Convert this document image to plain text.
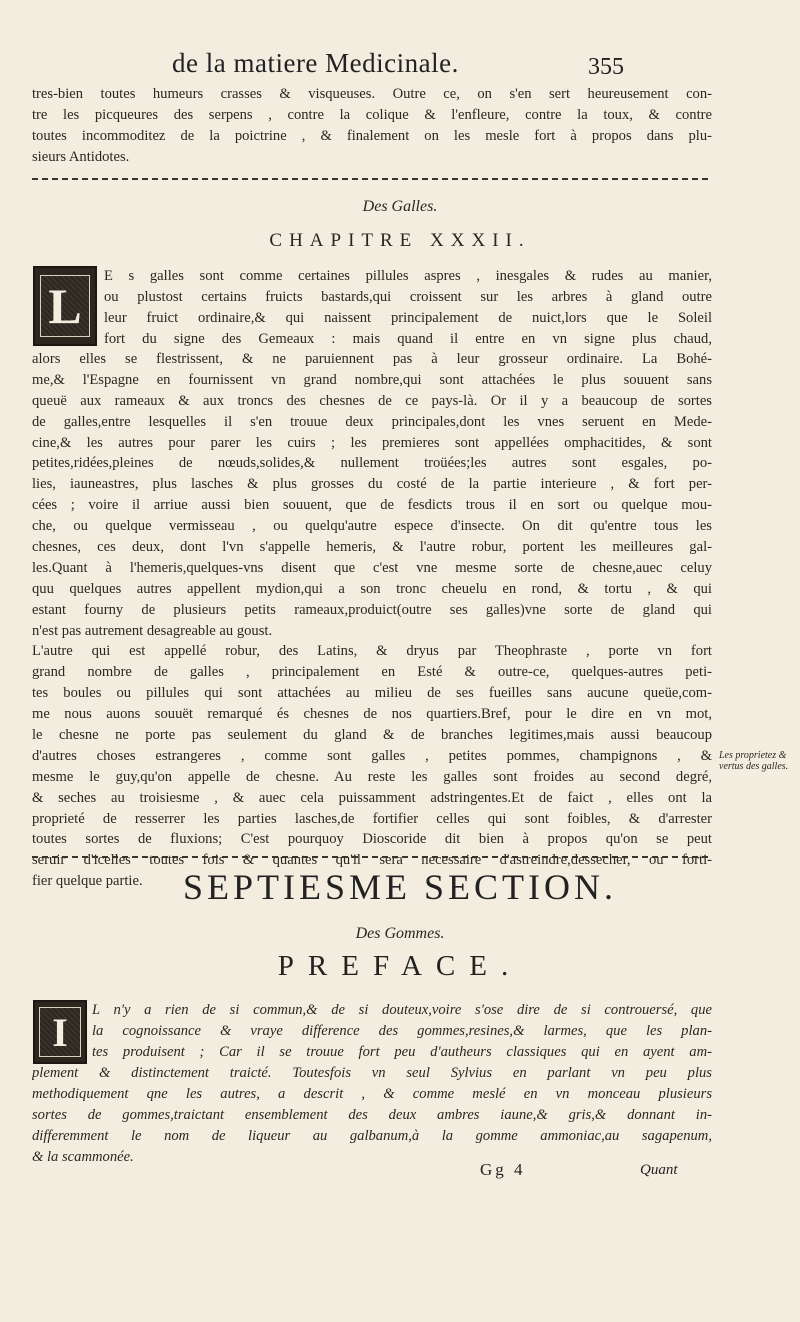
de la matiere Medicinale.	355
tres-bien toutes humeurs crasses & visqueuses. Outre ce, on s'en sert heureusement con-
tre les picqueures des serpens , contre la colique & l'enfleure, contre la toux, & contre
toutes incommoditez de la poictrine , & finalement on les mesle fort à propos dans plu-
sieurs Antidotes.
Des Galles.
CHAPITRE XXXII.
L
E s galles sont comme certaines pillules aspres , inesgales & rudes au manier,
ou plustost certains fruicts bastards,qui croissent sur les arbres à gland outre
leur fruict ordinaire,& qui naissent principalement de nuict,lors que le Soleil
fort du signe des Gemeaux : mais quand il entre en vn signe plus chaud,
alors elles se flestrissent, & ne paruiennent pas à leur grosseur ordinaire. La Bohé-
me,& l'Espagne en fournissent vn grand nombre,qui sont attachées le plus souuent sans
queuë aux rameaux & aux troncs des chesnes de ce pays-là. Or il y a beaucoup de sortes
de galles,entre lesquelles il s'en trouue deux principales,dont les vnes seruent en Mede-
cine,& les autres pour parer les cuirs ; les premieres sont appellées omphacitides, & sont
petites,ridées,pleines de nœuds,solides,& nullement troüées;les autres sont esgales, po-
lies, iauneastres, plus lasches & plus grosses du costé de la partie interieure , & fort per-
cées ; voire il arriue aussi bien souuent, que de fesdicts trous il en sort ou quelque mou-
che, ou quelque vermisseau , ou quelqu'autre espece d'insecte. On dit qu'entre tous les
chesnes, ces deux, dont l'vn s'appelle hemeris, & l'autre robur, portent les meilleures gal-
les.Quant à l'hemeris,quelques-vns disent que c'est vne mesme sorte de chesne,auec celuy
quu quelques autres appellent mydion,qui a son tronc cheuelu en rond, & tortu , & qui
estant fourny de plusieurs petits rameaux,produict(outre ses galles)vne sorte de gland qui
n'est pas autrement desagreable au goust.
L'autre qui est appellé robur, des Latins, & dryus par Theophraste , porte vn fort
grand nombre de galles , principalement en Esté & outre-ce, quelques-autres peti-
tes boules ou pillules qui sont attachées au milieu de ses fueilles sans aucune queüe,com-
me nous auons souuët remarqué és chesnes de nos quartiers.Bref, pour le dire en vn mot,
le chesne ne porte pas seulement du gland & de branches legitimes,mais aussi beaucoup
d'autres choses estrangeres , comme sont galles , petites pommes, champignons , &
mesme le guy,qu'on appelle de chesne. Au reste les galles sont froides au second degré,
& seches au troisiesme , & auec cela puissamment adstringentes.Et de faict , elles ont la
proprieté de resserrer les parties lasches,de fortifier celles qui sont foibles, & d'arrester
toutes sortes de fluxions; C'est pourquoy Dioscoride dit bien à propos qu'on se peut
seruir d'icelles toutes fois & quantes qu'il sera necessaire d'astreindre,dessecher, ou forti-
fier quelque partie.
Les proprietez & vertus des galles.
SEPTIESME SECTION.
Des Gommes.
PREFACE.
I L n'y a rien de si commun,& de si douteux,voire s'ose dire de si controuersé, que
la cognoissance & vraye difference des gommes,resines,& larmes, que les plan-
tes produisent ; Car il se trouue fort peu d'autheurs classiques qui en ayent am-
plement & distinctement traicté. Toutesfois vn seul Sylvius en parlant vn peu plus
methodiquement qne les autres, a descrit , & comme meslé en vn monceau plusieurs
sortes de gommes,traictant ensemblement des deux ambres iaune,& gris,& donnant in-
differemment le nom de liqueur au galbanum,à la gomme ammoniac,au sagapenum,
& la scammonée.
Gg 4	Quant
